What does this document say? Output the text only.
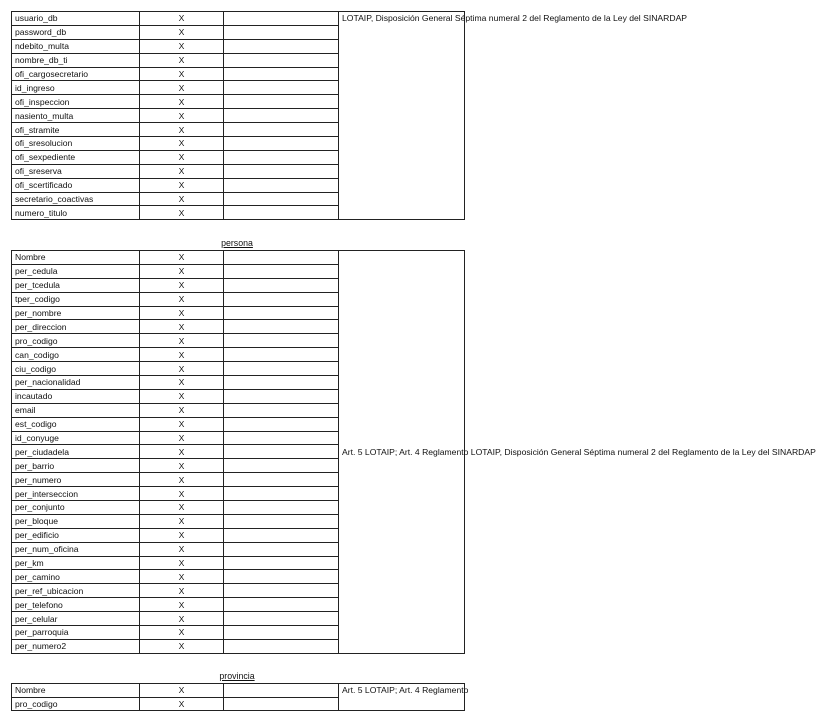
usuario_db	X		LOTAIP, Disposición General Séptima numeral 2 del Reglamento de la Ley del SINARDAP

password_db	X		
ndebito_multa	X		
nombre_db_ti	X		
ofi_cargosecretario	X		
id_ingreso	X		
ofi_inspeccion	X		
nasiento_multa	X		
ofi_stramite	X		
ofi_sresolucion	X		
ofi_sexpediente	X		
ofi_sreserva	X		
ofi_scertificado	X		
secretario_coactivas	X		
numero_titulo	X		
persona
Nombre	X		Art. 5 LOTAIP; Art. 4 Reglamento LOTAIP, Disposición General Séptima numeral 2 del Reglamento de la Ley del SINARDAP

per_cedula	X		
per_tcedula	X		
tper_codigo	X		
per_nombre	X		
per_direccion	X		
pro_codigo	X		
can_codigo	X		
ciu_codigo	X		
per_nacionalidad	X		
incautado	X		
email	X		
est_codigo	X		
id_conyuge	X		
per_ciudadela	X		
per_barrio	X		
per_numero	X		
per_interseccion	X		
per_conjunto	X		
per_bloque	X		
per_edificio	X		
per_num_oficina	X		
per_km	X		
per_camino	X		
per_ref_ubicacion	X		
per_telefono	X		
per_celular	X		
per_parroquia	X		
per_numero2	X		
provincia
Nombre	X		Art. 5 LOTAIP; Art. 4 Reglamento

pro_codigo	X		
